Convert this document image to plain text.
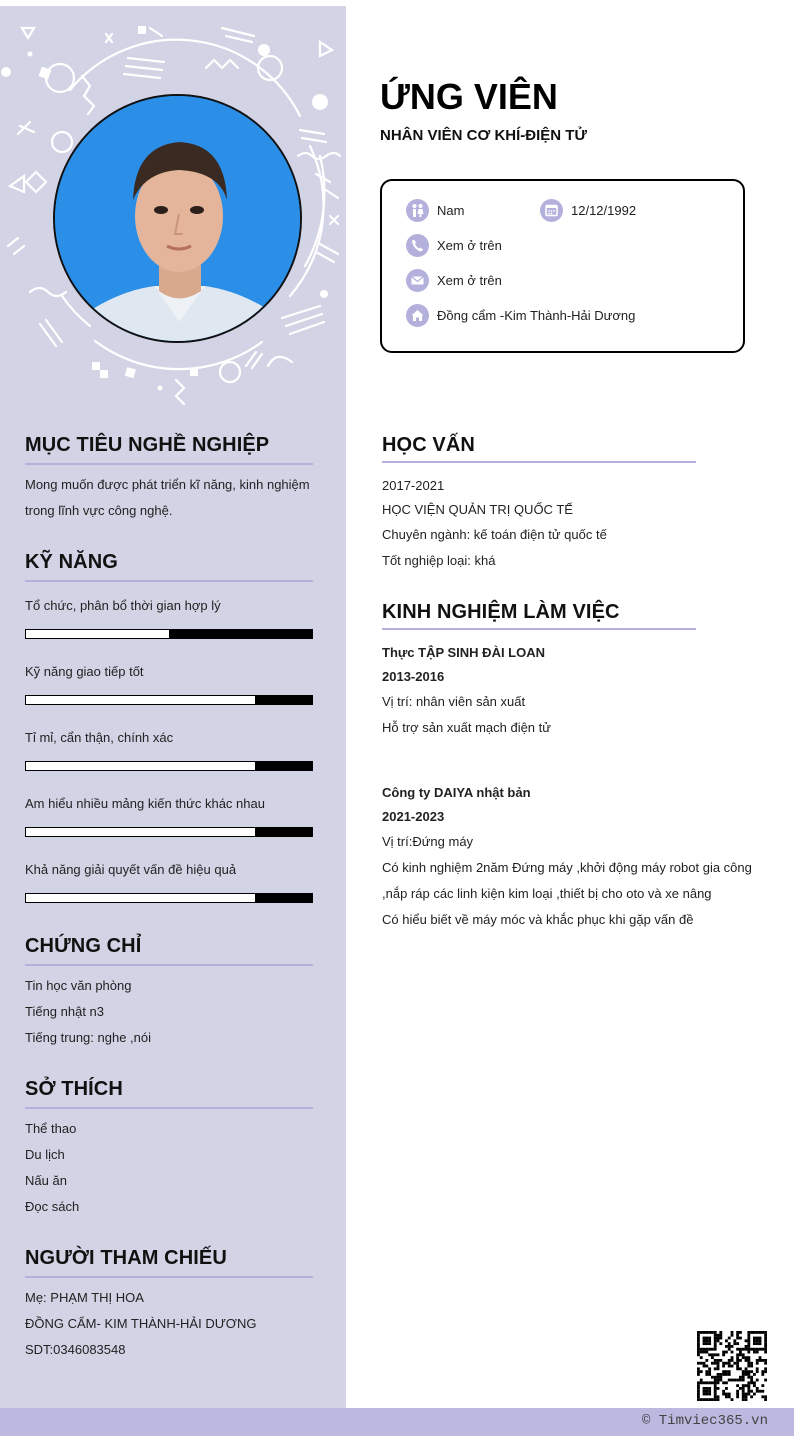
ỨNG VIÊN
NHÂN VIÊN CƠ KHÍ-ĐIỆN TỬ
Nam	12/12/1992
Xem ở trên
Xem ở trên
Đồng cẩm -Kim Thành-Hải Dương
MỤC TIÊU NGHỀ NGHIỆP
Mong muốn được phát triển kĩ năng, kinh nghiệm
trong lĩnh vực công nghệ.
KỸ NĂNG
Tổ chức, phân bổ thời gian hợp lý
Kỹ năng giao tiếp tốt
Tỉ mỉ, cẩn thận, chính xác
Am hiểu nhiều mảng kiến thức khác nhau
Khả năng giải quyết vấn đề hiệu quả
CHỨNG CHỈ
Tin học văn phòng
Tiếng nhật n3
Tiếng trung: nghe ,nói
SỞ THÍCH
Thể thao
Du lịch
Nấu ăn
Đọc sách
NGƯỜI THAM CHIẾU
Mẹ: PHẠM THỊ HOA
ĐỒNG CẨM- KIM THÀNH-HẢI DƯƠNG
SDT:0346083548
HỌC VẤN
2017-2021
HỌC VIỆN QUẢN TRỊ QUỐC TẾ
Chuyên ngành: kế toán điện tử quốc tế
Tốt nghiệp loại: khá
KINH NGHIỆM LÀM VIỆC
Thực TẬP SINH ĐÀI LOAN
2013-2016
Vị trí: nhân viên sản xuất
Hỗ trợ sản xuất mạch điện tử
Công ty DAIYA nhật bản
2021-2023
Vị trí:Đứng máy
Có kinh nghiệm 2năm Đứng máy ,khởi động máy robot gia công
,nắp ráp các linh kiện kim loại ,thiết bị cho oto và xe nâng
Có hiểu biết về máy móc và khắc phục khi gặp vấn đề
© Timviec365.vn
